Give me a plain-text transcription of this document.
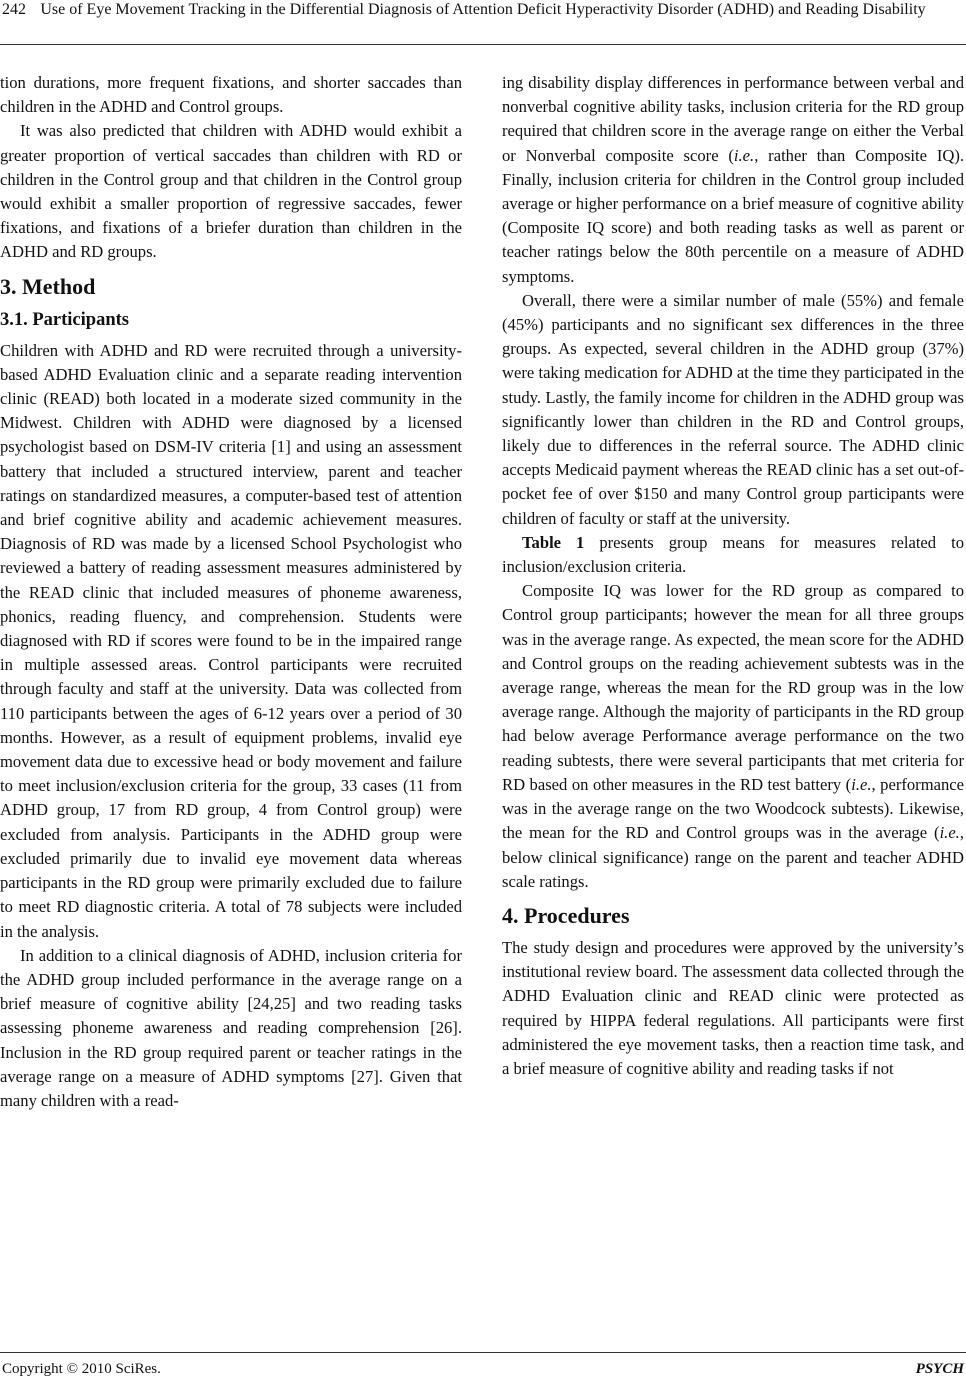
242 Use of Eye Movement Tracking in the Differential Diagnosis of Attention Deficit Hyperactivity Disorder (ADHD) and Reading Disability

tion durations, more frequent fixations, and shorter saccades than children in the ADHD and Control groups.

It was also predicted that children with ADHD would exhibit a greater proportion of vertical saccades than children with RD or children in the Control group and that children in the Control group would exhibit a smaller proportion of regressive saccades, fewer fixations, and fixations of a briefer duration than children in the ADHD and RD groups.

3. Method
3.1. Participants

Children with ADHD and RD were recruited through a university-based ADHD Evaluation clinic and a separate reading intervention clinic (READ) both located in a moderate sized community in the Midwest. Children with ADHD were diagnosed by a licensed psychologist based on DSM-IV criteria [1] and using an assessment battery that included a structured interview, parent and teacher ratings on standardized measures, a computer-based test of attention and brief cognitive ability and academic achievement measures. Diagnosis of RD was made by a licensed School Psychologist who reviewed a battery of reading assessment measures administered by the READ clinic that included measures of phoneme awareness, phonics, reading fluency, and comprehension. Students were diagnosed with RD if scores were found to be in the impaired range in multiple assessed areas. Control participants were recruited through faculty and staff at the university. Data was collected from 110 participants between the ages of 6-12 years over a period of 30 months. However, as a result of equipment problems, invalid eye movement data due to excessive head or body movement and failure to meet inclusion/exclusion criteria for the group, 33 cases (11 from ADHD group, 17 from RD group, 4 from Control group) were excluded from analysis. Participants in the ADHD group were excluded primarily due to invalid eye movement data whereas participants in the RD group were primarily excluded due to failure to meet RD diagnostic criteria. A total of 78 subjects were included in the analysis.

In addition to a clinical diagnosis of ADHD, inclusion criteria for the ADHD group included performance in the average range on a brief measure of cognitive ability [24,25] and two reading tasks assessing phoneme awareness and reading comprehension [26]. Inclusion in the RD group required parent or teacher ratings in the average range on a measure of ADHD symptoms [27]. Given that many children with a read-

ing disability display differences in performance between verbal and nonverbal cognitive ability tasks, inclusion criteria for the RD group required that children score in the average range on either the Verbal or Nonverbal composite score (i.e., rather than Composite IQ). Finally, inclusion criteria for children in the Control group included average or higher performance on a brief measure of cognitive ability (Composite IQ score) and both reading tasks as well as parent or teacher ratings below the 80th percentile on a measure of ADHD symptoms.

Overall, there were a similar number of male (55%) and female (45%) participants and no significant sex differences in the three groups. As expected, several children in the ADHD group (37%) were taking medication for ADHD at the time they participated in the study. Lastly, the family income for children in the ADHD group was significantly lower than children in the RD and Control groups, likely due to differences in the referral source. The ADHD clinic accepts Medicaid payment whereas the READ clinic has a set out-of-pocket fee of over $150 and many Control group participants were children of faculty or staff at the university.

Table 1 presents group means for measures related to inclusion/exclusion criteria.

Composite IQ was lower for the RD group as compared to Control group participants; however the mean for all three groups was in the average range. As expected, the mean score for the ADHD and Control groups on the reading achievement subtests was in the average range, whereas the mean for the RD group was in the low average range. Although the majority of participants in the RD group had below average Performance average performance on the two reading subtests, there were several participants that met criteria for RD based on other measures in the RD test battery (i.e., performance was in the average range on the two Woodcock subtests). Likewise, the mean for the RD and Control groups was in the average (i.e., below clinical significance) range on the parent and teacher ADHD scale ratings.

4. Procedures

The study design and procedures were approved by the university’s institutional review board. The assessment data collected through the ADHD Evaluation clinic and READ clinic were protected as required by HIPPA federal regulations. All participants were first administered the eye movement tasks, then a reaction time task, and a brief measure of cognitive ability and reading tasks if not

Copyright © 2010 SciRes.	PSYCH
